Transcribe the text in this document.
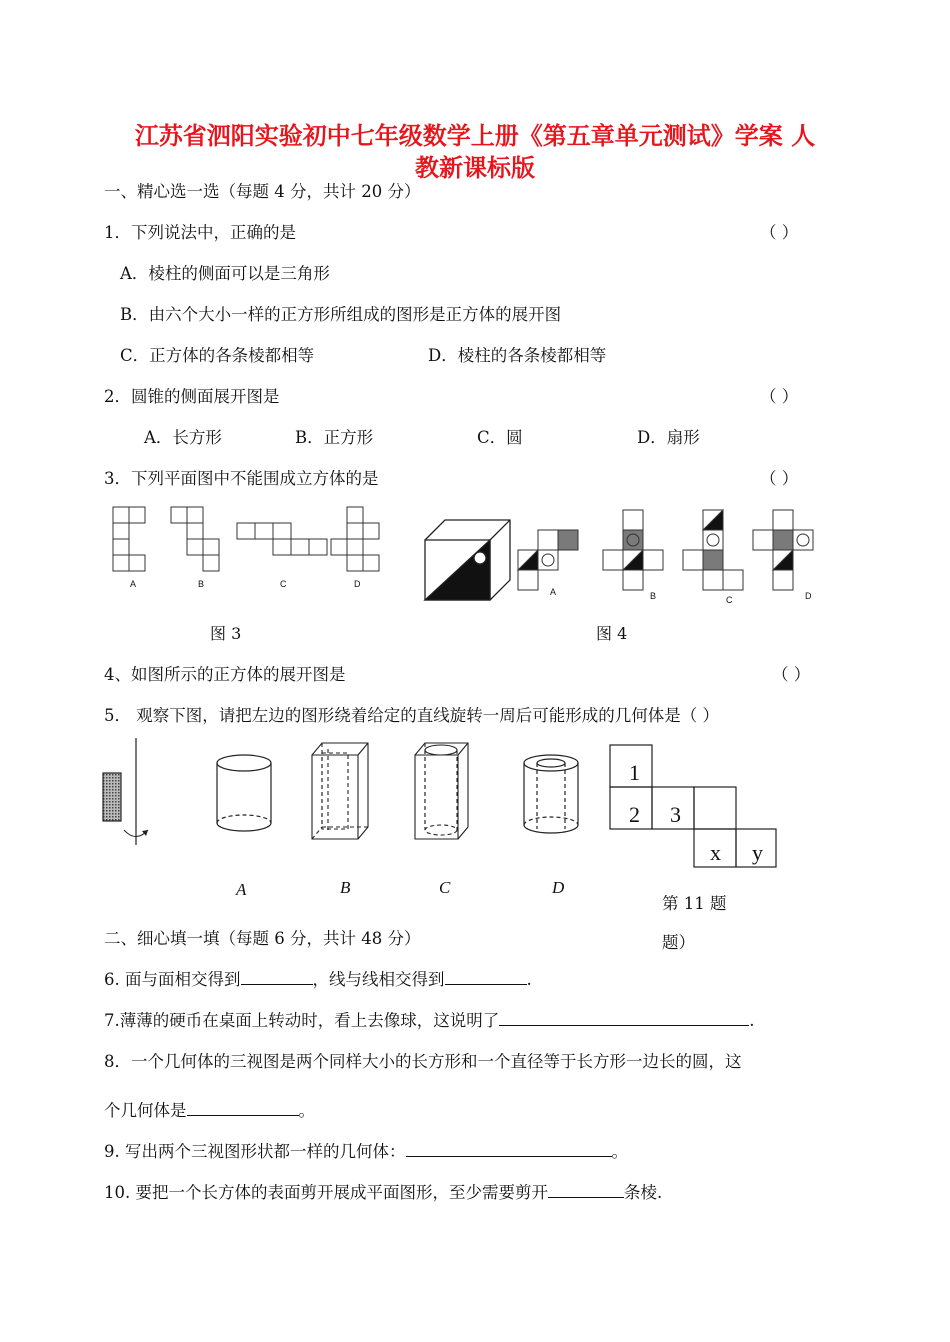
江苏省泗阳实验初中七年级数学上册《第五章单元测试》学案 人
教新课标版
一、精心选一选（每题 4 分，共计 20 分）
1．下列说法中，正确的是	（ ）
A．棱柱的侧面可以是三角形
B．由六个大小一样的正方形所组成的图形是正方体的展开图
C．正方体的各条棱都相等	D．棱柱的各条棱都相等
2．圆锥的侧面展开图是	（ ）
A．长方形	B．正方形	C．圆	D．扇形
3．下列平面图中不能围成立方体的是	（ ）
A	B	C	D
图 3
A	B	C	D
图 4
4、如图所示的正方体的展开图是	（ ）
5． 观察下图，请把左边的图形绕着给定的直线旋转一周后可能形成的几何体是（ ）
A	B	C	D
1
2 3
x y
第 11 题
题）
二、细心填一填（每题 6 分，共计 48 分）
6. 面与面相交得到	，线与线相交得到	.
7.薄薄的硬币在桌面上转动时，看上去像球，这说明了	.
8．一个几何体的三视图是两个同样大小的长方形和一个直径等于长方形一边长的圆，这
个几何体是	。
9. 写出两个三视图形状都一样的几何体：	。
10. 要把一个长方体的表面剪开展成平面图形，至少需要剪开	条棱.
